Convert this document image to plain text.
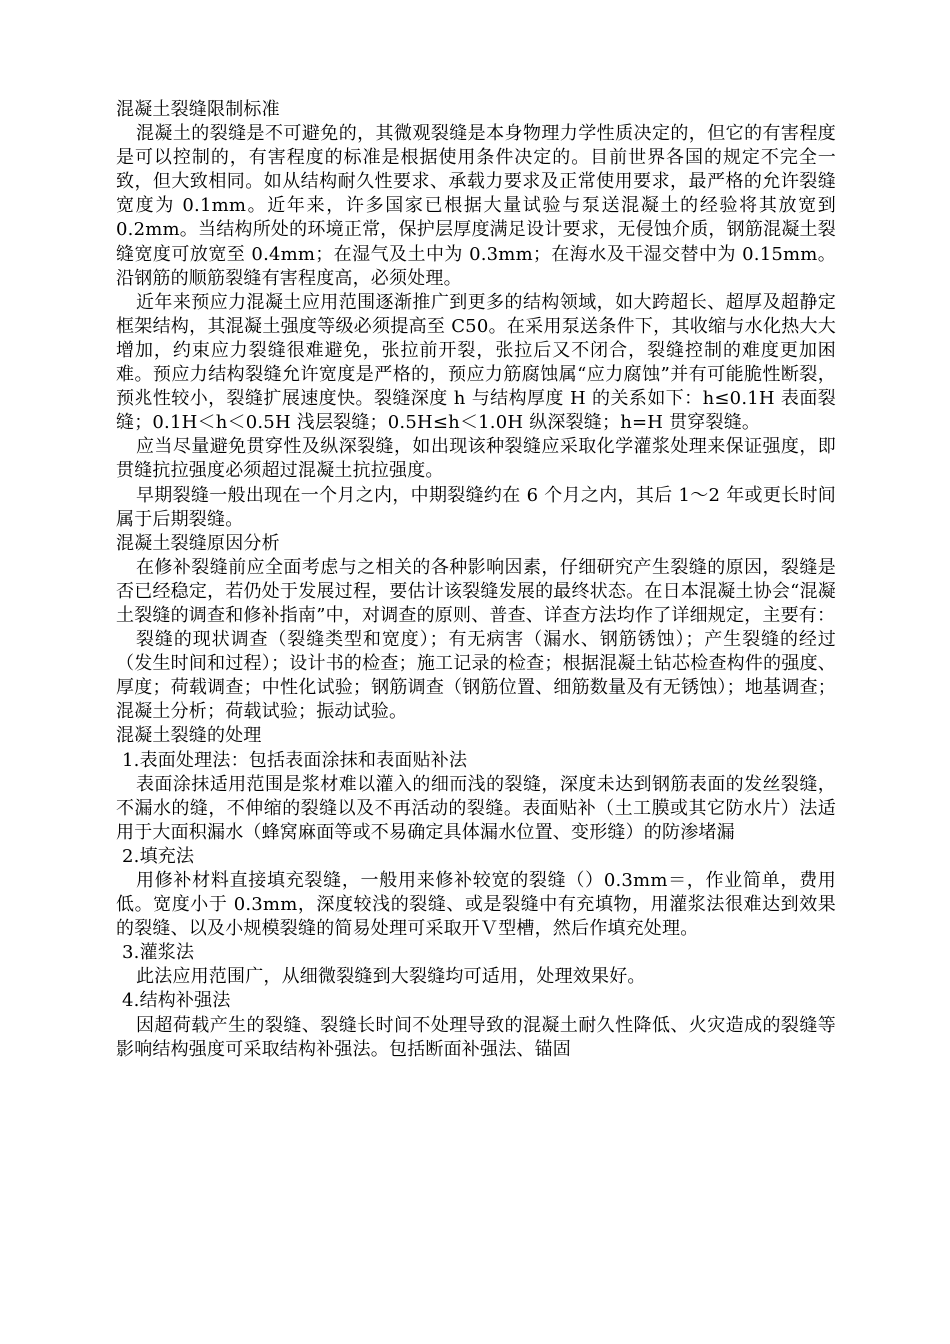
混凝土裂缝限制标准

混凝土的裂缝是不可避免的，其微观裂缝是本身物理力学性质决定的，但它的有害程度是可以控制的，有害程度的标准是根据使用条件决定的。目前世界各国的规定不完全一致，但大致相同。如从结构耐久性要求、承载力要求及正常使用要求，最严格的允许裂缝宽度为 0.1mm。近年来，许多国家已根据大量试验与泵送混凝土的经验将其放宽到 0.2mm。当结构所处的环境正常，保护层厚度满足设计要求，无侵蚀介质，钢筋混凝土裂缝宽度可放宽至 0.4mm；在湿气及土中为 0.3mm；在海水及干湿交替中为 0.15mm。沿钢筋的顺筋裂缝有害程度高，必须处理。

近年来预应力混凝土应用范围逐渐推广到更多的结构领域，如大跨超长、超厚及超静定框架结构，其混凝土强度等级必须提高至 C50。在采用泵送条件下，其收缩与水化热大大增加，约束应力裂缝很难避免，张拉前开裂，张拉后又不闭合，裂缝控制的难度更加困难。预应力结构裂缝允许宽度是严格的，预应力筋腐蚀属“应力腐蚀”并有可能脆性断裂，预兆性较小，裂缝扩展速度快。裂缝深度 h 与结构厚度 H 的关系如下：h≤0.1H 表面裂缝；0.1H＜h＜0.5H 浅层裂缝；0.5H≤h＜1.0H 纵深裂缝；h=H 贯穿裂缝。

应当尽量避免贯穿性及纵深裂缝，如出现该种裂缝应采取化学灌浆处理来保证强度，即贯缝抗拉强度必须超过混凝土抗拉强度。

早期裂缝一般出现在一个月之内，中期裂缝约在 6 个月之内，其后 1～2 年或更长时间属于后期裂缝。

混凝土裂缝原因分析

在修补裂缝前应全面考虑与之相关的各种影响因素，仔细研究产生裂缝的原因，裂缝是否已经稳定，若仍处于发展过程，要估计该裂缝发展的最终状态。在日本混凝土协会“混凝土裂缝的调查和修补指南”中，对调查的原则、普查、详查方法均作了详细规定，主要有：

裂缝的现状调查（裂缝类型和宽度）；有无病害（漏水、钢筋锈蚀）；产生裂缝的经过（发生时间和过程）；设计书的检查；施工记录的检查；根据混凝土钻芯检查构件的强度、厚度；荷载调查；中性化试验；钢筋调查（钢筋位置、细筋数量及有无锈蚀）；地基调查；混凝土分析；荷载试验；振动试验。

混凝土裂缝的处理

1.表面处理法：包括表面涂抹和表面贴补法

表面涂抹适用范围是浆材难以灌入的细而浅的裂缝，深度未达到钢筋表面的发丝裂缝，不漏水的缝，不伸缩的裂缝以及不再活动的裂缝。表面贴补（土工膜或其它防水片）法适用于大面积漏水（蜂窝麻面等或不易确定具体漏水位置、变形缝）的防渗堵漏

2.填充法

用修补材料直接填充裂缝，一般用来修补较宽的裂缝（）0.3mm＝，作业简单，费用低。宽度小于 0.3mm，深度较浅的裂缝、或是裂缝中有充填物，用灌浆法很难达到效果的裂缝、以及小规模裂缝的简易处理可采取开Ｖ型槽，然后作填充处理。

3.灌浆法

此法应用范围广，从细微裂缝到大裂缝均可适用，处理效果好。

4.结构补强法

因超荷载产生的裂缝、裂缝长时间不处理导致的混凝土耐久性降低、火灾造成的裂缝等影响结构强度可采取结构补强法。包括断面补强法、锚固
